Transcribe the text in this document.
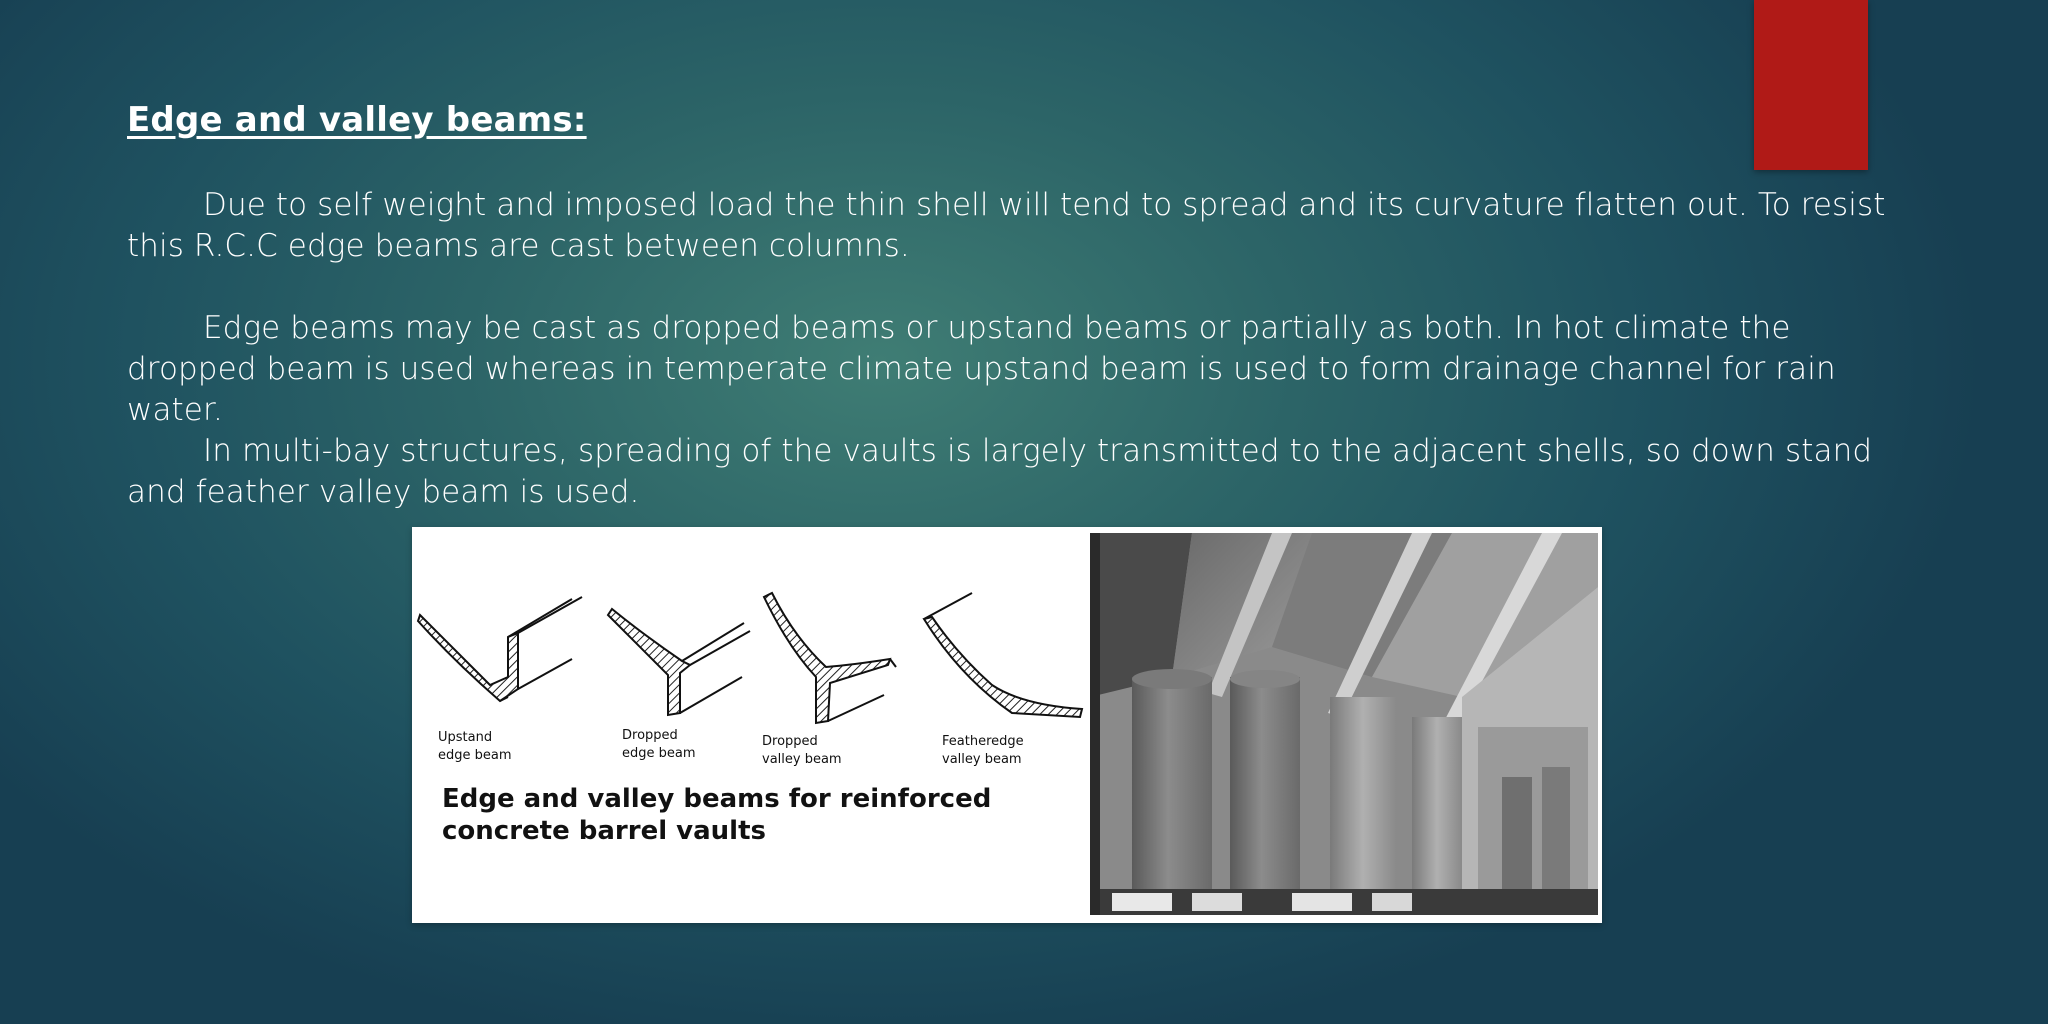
Edge and valley beams:

Due to self weight and imposed load the thin shell will tend to spread and its curvature flatten out. To resist this R.C.C edge beams are cast between columns.

Edge beams may be cast as dropped beams or upstand beams or partially as both. In hot climate the dropped beam is used whereas in temperate climate upstand beam is used to form drainage channel for rain water.

In multi-bay structures, spreading of the vaults is largely transmitted to the adjacent shells, so down stand and feather valley beam is used.

Upstand
edge beam
Dropped
edge beam
Dropped
valley beam
Featheredge
valley beam
Edge and valley beams for reinforced
concrete barrel vaults
